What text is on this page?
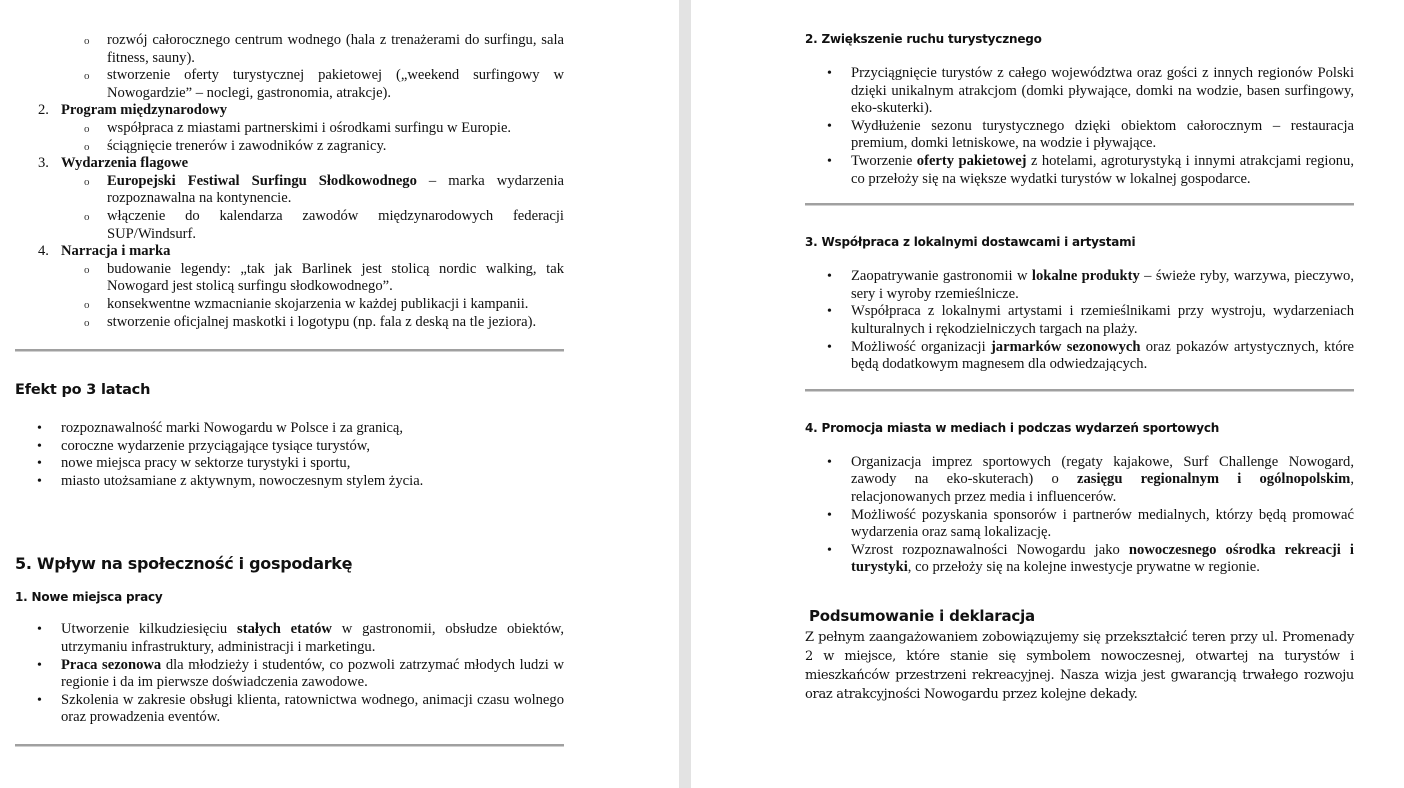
o rozwój całorocznego centrum wodnego (hala z trenażerami do surfingu, sala fitness, sauny).
o stworzenie oferty turystycznej pakietowej („weekend surfingowy w Nowogardzie” – noclegi, gastronomia, atrakcje).
2. Program międzynarodowy
o współpraca z miastami partnerskimi i ośrodkami surfingu w Europie.
o ściągnięcie trenerów i zawodników z zagranicy.
3. Wydarzenia flagowe
o Europejski Festiwal Surfingu Słodkowodnego – marka wydarzenia rozpoznawalna na kontynencie.
o włączenie do kalendarza zawodów międzynarodowych federacji SUP/Windsurf.
4. Narracja i marka
o budowanie legendy: „tak jak Barlinek jest stolicą nordic walking, tak Nowogard jest stolicą surfingu słodkowodnego”.
o konsekwentne wzmacnianie skojarzenia w każdej publikacji i kampanii.
o stworzenie oficjalnej maskotki i logotypu (np. fala z deską na tle jeziora).
Efekt po 3 latach
• rozpoznawalność marki Nowogardu w Polsce i za granicą,
• coroczne wydarzenie przyciągające tysiące turystów,
• nowe miejsca pracy w sektorze turystyki i sportu,
• miasto utożsamiane z aktywnym, nowoczesnym stylem życia.
5. Wpływ na społeczność i gospodarkę
1. Nowe miejsca pracy
• Utworzenie kilkudziesięciu stałych etatów w gastronomii, obsłudze obiektów, utrzymaniu infrastruktury, administracji i marketingu.
• Praca sezonowa dla młodzieży i studentów, co pozwoli zatrzymać młodych ludzi w regionie i da im pierwsze doświadczenia zawodowe.
• Szkolenia w zakresie obsługi klienta, ratownictwa wodnego, animacji czasu wolnego oraz prowadzenia eventów.
2. Zwiększenie ruchu turystycznego
• Przyciągnięcie turystów z całego województwa oraz gości z innych regionów Polski dzięki unikalnym atrakcjom (domki pływające, domki na wodzie, basen surfingowy, eko-skuterki).
• Wydłużenie sezonu turystycznego dzięki obiektom całorocznym – restauracja premium, domki letniskowe, na wodzie i pływające.
• Tworzenie oferty pakietowej z hotelami, agroturystyką i innymi atrakcjami regionu, co przełoży się na większe wydatki turystów w lokalnej gospodarce.
3. Współpraca z lokalnymi dostawcami i artystami
• Zaopatrywanie gastronomii w lokalne produkty – świeże ryby, warzywa, pieczywo, sery i wyroby rzemieślnicze.
• Współpraca z lokalnymi artystami i rzemieślnikami przy wystroju, wydarzeniach kulturalnych i rękodzielniczych targach na plaży.
• Możliwość organizacji jarmarków sezonowych oraz pokazów artystycznych, które będą dodatkowym magnesem dla odwiedzających.
4. Promocja miasta w mediach i podczas wydarzeń sportowych
• Organizacja imprez sportowych (regaty kajakowe, Surf Challenge Nowogard, zawody na eko-skuterach) o zasięgu regionalnym i ogólnopolskim, relacjonowanych przez media i influencerów.
• Możliwość pozyskania sponsorów i partnerów medialnych, którzy będą promować wydarzenia oraz samą lokalizację.
• Wzrost rozpoznawalności Nowogardu jako nowoczesnego ośrodka rekreacji i turystyki, co przełoży się na kolejne inwestycje prywatne w regionie.
Podsumowanie i deklaracja

Z pełnym zaangażowaniem zobowiązujemy się przekształcić teren przy ul. Promenady 2 w miejsce, które stanie się symbolem nowoczesnej, otwartej na turystów i mieszkańców przestrzeni rekreacyjnej. Nasza wizja jest gwarancją trwałego rozwoju oraz atrakcyjności Nowogardu przez kolejne dekady.
